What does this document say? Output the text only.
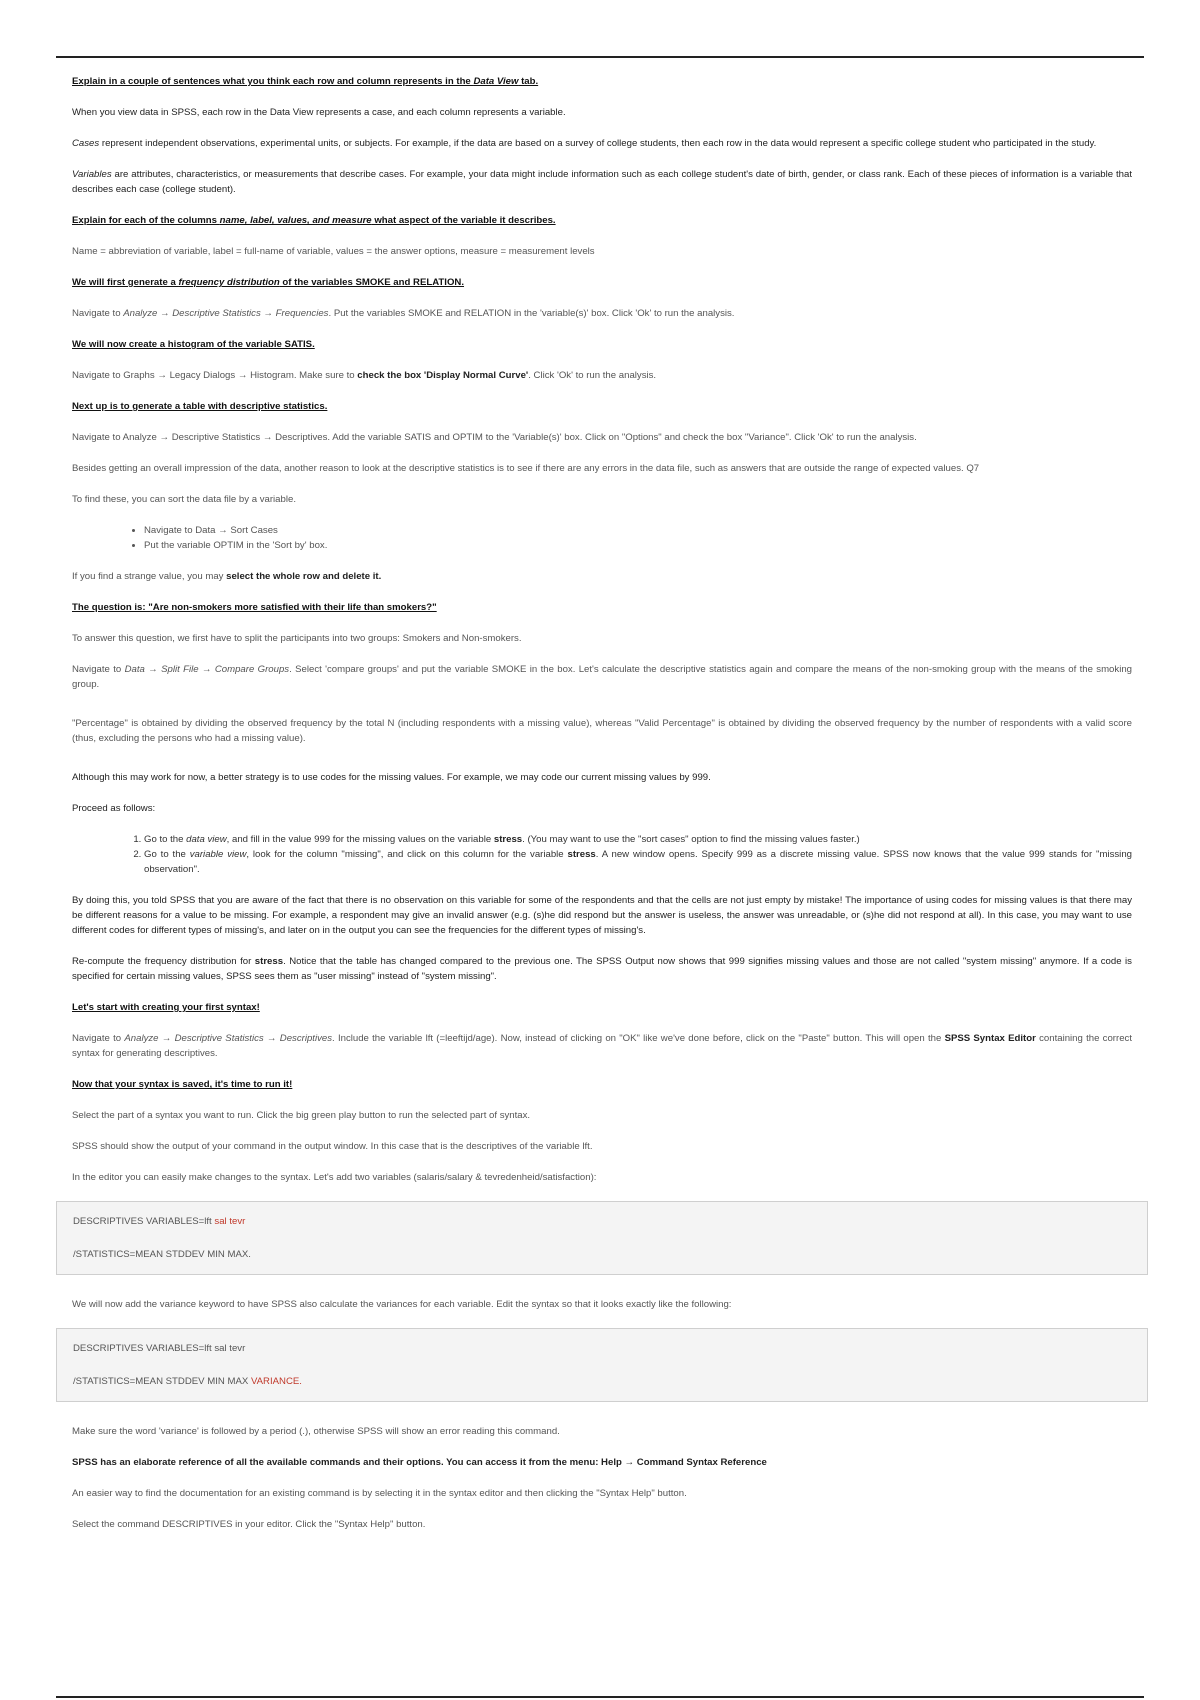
Explain in a couple of sentences what you think each row and column represents in the Data View tab.

When you view data in SPSS, each row in the Data View represents a case, and each column represents a variable.

Cases represent independent observations, experimental units, or subjects. For example, if the data are based on a survey of college students, then each row in the data would represent a specific college student who participated in the study.

Variables are attributes, characteristics, or measurements that describe cases. For example, your data might include information such as each college student's date of birth, gender, or class rank. Each of these pieces of information is a variable that describes each case (college student).

Explain for each of the columns name, label, values, and measure what aspect of the variable it describes.

Name = abbreviation of variable, label = full-name of variable, values = the answer options, measure = measurement levels

We will first generate a frequency distribution of the variables SMOKE and RELATION.

Navigate to Analyze → Descriptive Statistics → Frequencies. Put the variables SMOKE and RELATION in the 'variable(s)' box. Click 'Ok' to run the analysis.

We will now create a histogram of the variable SATIS.

Navigate to Graphs → Legacy Dialogs → Histogram. Make sure to check the box 'Display Normal Curve'. Click 'Ok' to run the analysis.

Next up is to generate a table with descriptive statistics.

Navigate to Analyze → Descriptive Statistics → Descriptives. Add the variable SATIS and OPTIM to the 'Variable(s)' box. Click on "Options" and check the box "Variance". Click 'Ok' to run the analysis.

Besides getting an overall impression of the data, another reason to look at the descriptive statistics is to see if there are any errors in the data file, such as answers that are outside the range of expected values. Q7

To find these, you can sort the data file by a variable.

• Navigate to Data → Sort Cases
• Put the variable OPTIM in the 'Sort by' box.

If you find a strange value, you may select the whole row and delete it.

The question is: "Are non-smokers more satisfied with their life than smokers?"

To answer this question, we first have to split the participants into two groups: Smokers and Non-smokers.

Navigate to Data → Split File → Compare Groups. Select 'compare groups' and put the variable SMOKE in the box. Let's calculate the descriptive statistics again and compare the means of the non-smoking group with the means of the smoking group.

"Percentage" is obtained by dividing the observed frequency by the total N (including respondents with a missing value), whereas "Valid Percentage" is obtained by dividing the observed frequency by the number of respondents with a valid score (thus, excluding the persons who had a missing value).

Although this may work for now, a better strategy is to use codes for the missing values. For example, we may code our current missing values by 999.

Proceed as follows:

1. Go to the data view, and fill in the value 999 for the missing values on the variable stress. (You may want to use the "sort cases" option to find the missing values faster.)
2. Go to the variable view, look for the column "missing", and click on this column for the variable stress. A new window opens. Specify 999 as a discrete missing value. SPSS now knows that the value 999 stands for "missing observation".

By doing this, you told SPSS that you are aware of the fact that there is no observation on this variable for some of the respondents and that the cells are not just empty by mistake! The importance of using codes for missing values is that there may be different reasons for a value to be missing. For example, a respondent may give an invalid answer (e.g. (s)he did respond but the answer is useless, the answer was unreadable, or (s)he did not respond at all). In this case, you may want to use different codes for different types of missing's, and later on in the output you can see the frequencies for the different types of missing's.

Re-compute the frequency distribution for stress. Notice that the table has changed compared to the previous one. The SPSS Output now shows that 999 signifies missing values and those are not called "system missing" anymore. If a code is specified for certain missing values, SPSS sees them as "user missing" instead of "system missing".

Let's start with creating your first syntax!

Navigate to Analyze → Descriptive Statistics → Descriptives. Include the variable lft (=leeftijd/age). Now, instead of clicking on "OK" like we've done before, click on the "Paste" button. This will open the SPSS Syntax Editor containing the correct syntax for generating descriptives.

Now that your syntax is saved, it's time to run it!

Select the part of a syntax you want to run. Click the big green play button to run the selected part of syntax.

SPSS should show the output of your command in the output window. In this case that is the descriptives of the variable lft.

In the editor you can easily make changes to the syntax. Let's add two variables (salaris/salary & tevredenheid/satisfaction):

DESCRIPTIVES VARIABLES=lft sal tevr

/STATISTICS=MEAN STDDEV MIN MAX.

We will now add the variance keyword to have SPSS also calculate the variances for each variable. Edit the syntax so that it looks exactly like the following:

DESCRIPTIVES VARIABLES=lft sal tevr

/STATISTICS=MEAN STDDEV MIN MAX VARIANCE.

Make sure the word 'variance' is followed by a period (.), otherwise SPSS will show an error reading this command.

SPSS has an elaborate reference of all the available commands and their options. You can access it from the menu: Help → Command Syntax Reference

An easier way to find the documentation for an existing command is by selecting it in the syntax editor and then clicking the "Syntax Help" button.

Select the command DESCRIPTIVES in your editor. Click the "Syntax Help" button.
